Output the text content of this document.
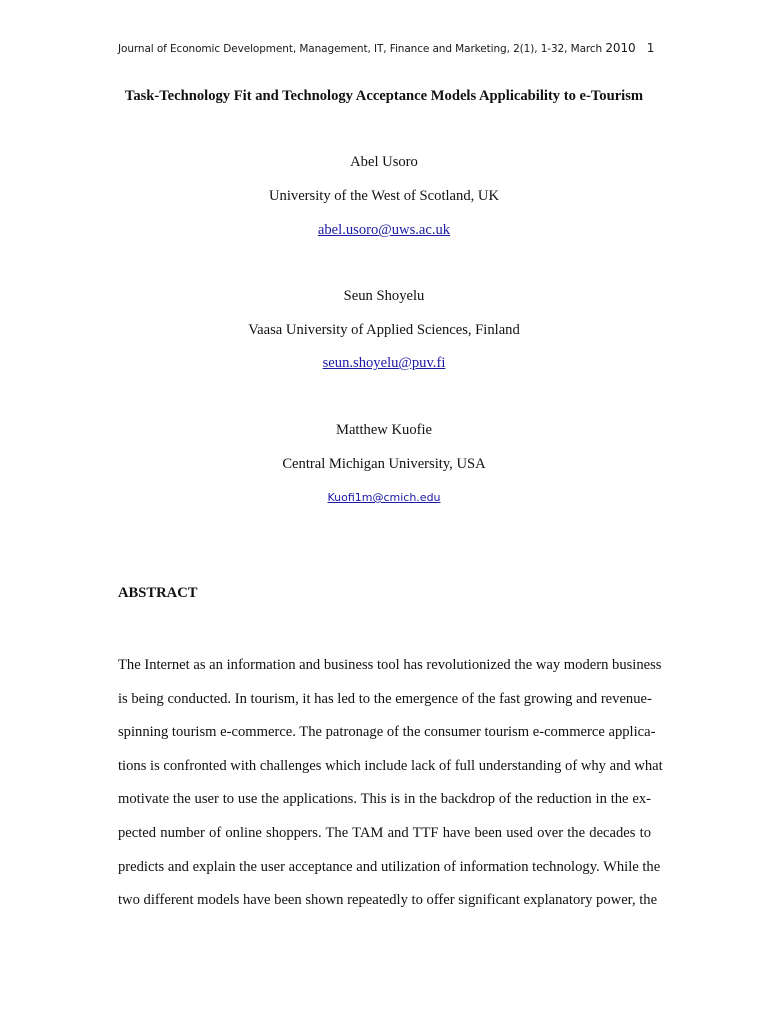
Journal of Economic Development, Management, IT, Finance and Marketing, 2(1), 1-32, March 2010 1
Task-Technology Fit and Technology Acceptance Models Applicability to e-Tourism
Abel Usoro
University of the West of Scotland, UK
abel.usoro@uws.ac.uk
Seun Shoyelu
Vaasa University of Applied Sciences, Finland
seun.shoyelu@puv.fi
Matthew Kuofie
Central Michigan University, USA
Kuofi1m@cmich.edu
ABSTRACT
The Internet as an information and business tool has revolutionized the way modern business
is being conducted. In tourism, it has led to the emergence of the fast growing and revenue-
spinning tourism e-commerce. The patronage of the consumer tourism e-commerce applica-
tions is confronted with challenges which include lack of full understanding of why and what
motivate the user to use the applications. This is in the backdrop of the reduction in the ex-
pected number of online shoppers. The TAM and TTF have been used over the decades to
predicts and explain the user acceptance and utilization of information technology. While the
two different models have been shown repeatedly to offer significant explanatory power, the
